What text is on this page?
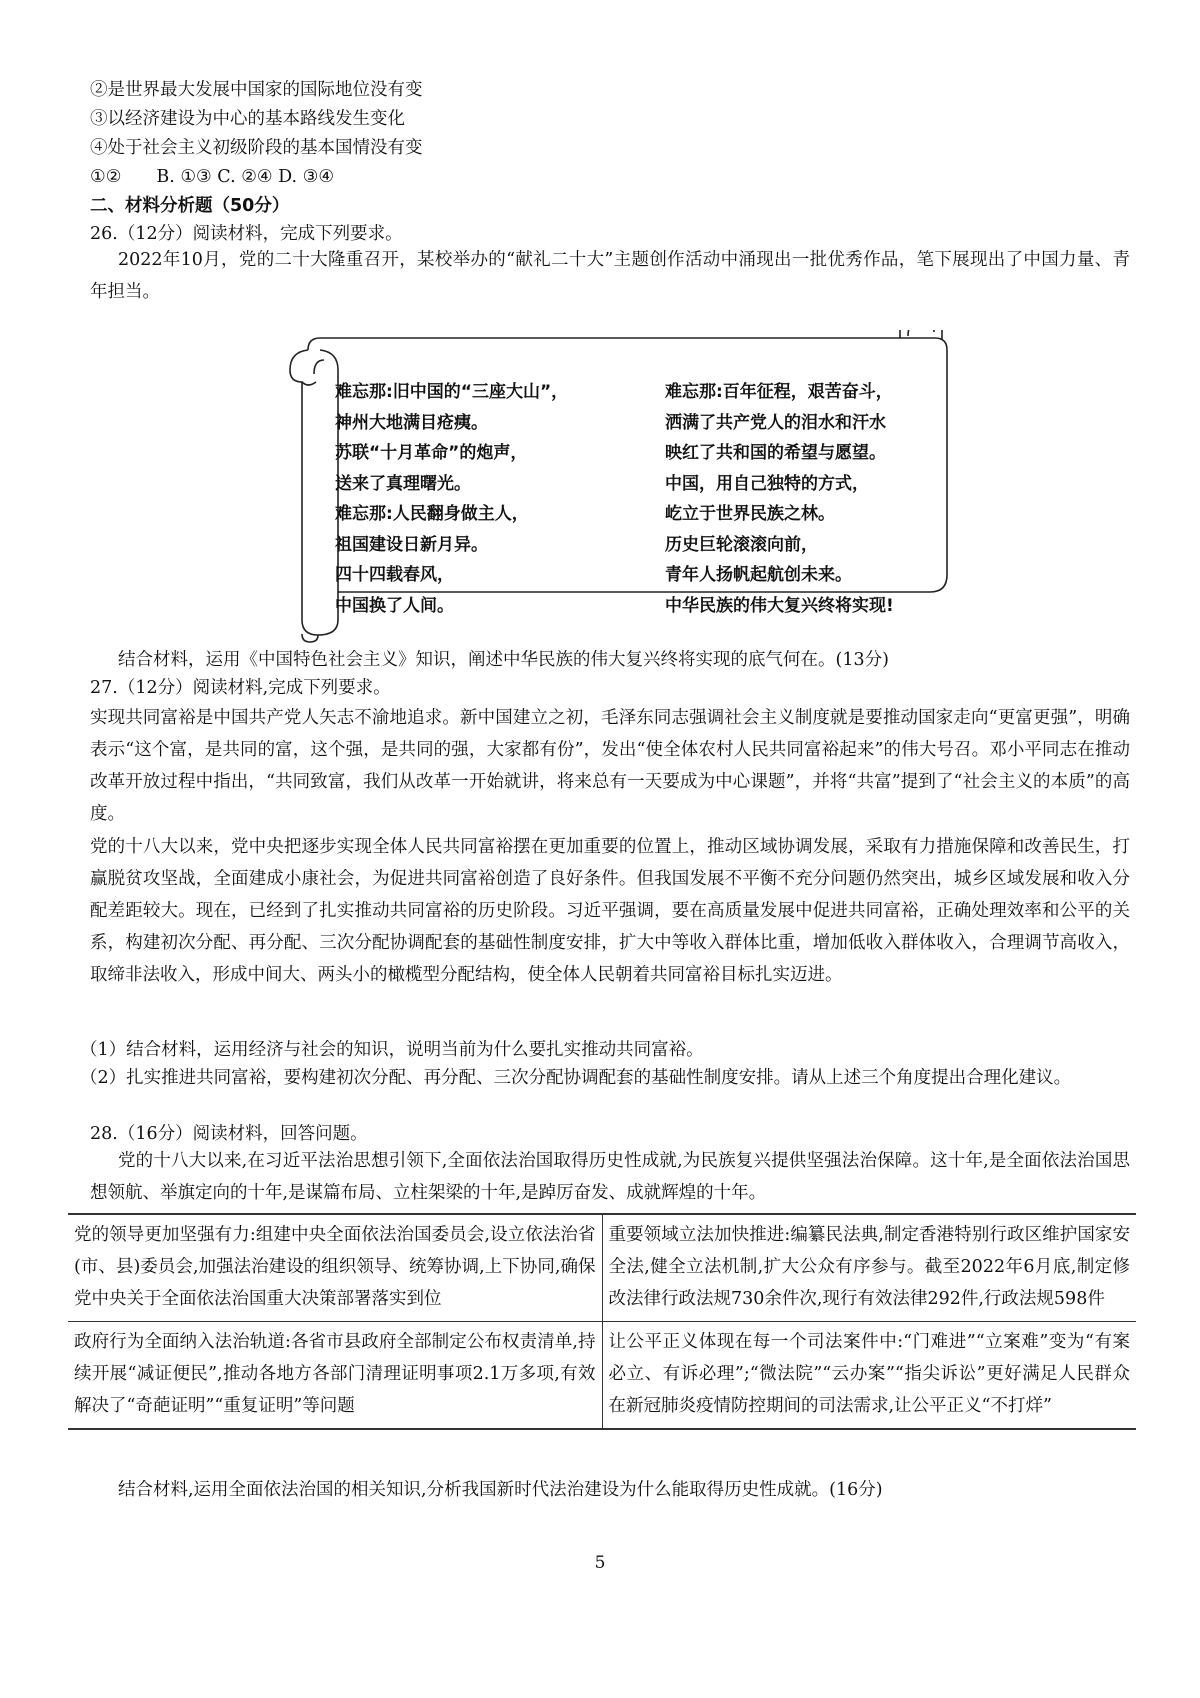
②是世界最大发展中国家的国际地位没有变
③以经济建设为中心的基本路线发生变化
④处于社会主义初级阶段的基本国情没有变
①②　　B. ①③ C. ②④ D. ③④
二、材料分析题（50分）
26.（12分）阅读材料，完成下列要求。
2022年10月，党的二十大隆重召开，某校举办的“献礼二十大”主题创作活动中涌现出一批优秀作品，笔下展现出了中国力量、青年担当。
难忘那:旧中国的“三座大山”，
神州大地满目疮痍。
苏联“十月革命”的炮声，
送来了真理曙光。
难忘那:人民翻身做主人，
祖国建设日新月异。
四十四载春风，
中国换了人间。
难忘那:百年征程，艰苦奋斗，
洒满了共产党人的泪水和汗水
映红了共和国的希望与愿望。
中国，用自己独特的方式，
屹立于世界民族之林。
历史巨轮滚滚向前，
青年人扬帆起航创未来。
中华民族的伟大复兴终将实现!
结合材料，运用《中国特色社会主义》知识，阐述中华民族的伟大复兴终将实现的底气何在。(13分)
27.（12分）阅读材料,完成下列要求。
实现共同富裕是中国共产党人矢志不渝地追求。新中国建立之初，毛泽东同志强调社会主义制度就是要推动国家走向“更富更强”，明确表示“这个富，是共同的富，这个强，是共同的强，大家都有份”，发出“使全体农村人民共同富裕起来”的伟大号召。邓小平同志在推动改革开放过程中指出，“共同致富，我们从改革一开始就讲，将来总有一天要成为中心课题”，并将“共富”提到了“社会主义的本质”的高度。
党的十八大以来，党中央把逐步实现全体人民共同富裕摆在更加重要的位置上，推动区域协调发展，采取有力措施保障和改善民生，打赢脱贫攻坚战，全面建成小康社会，为促进共同富裕创造了良好条件。但我国发展不平衡不充分问题仍然突出，城乡区域发展和收入分配差距较大。现在，已经到了扎实推动共同富裕的历史阶段。习近平强调，要在高质量发展中促进共同富裕，正确处理效率和公平的关系，构建初次分配、再分配、三次分配协调配套的基础性制度安排，扩大中等收入群体比重，增加低收入群体收入，合理调节高收入，取缔非法收入，形成中间大、两头小的橄榄型分配结构，使全体人民朝着共同富裕目标扎实迈进。
（1）结合材料，运用经济与社会的知识，说明当前为什么要扎实推动共同富裕。
（2）扎实推进共同富裕，要构建初次分配、再分配、三次分配协调配套的基础性制度安排。请从上述三个角度提出合理化建议。
28.（16分）阅读材料，回答问题。
党的十八大以来,在习近平法治思想引领下,全面依法治国取得历史性成就,为民族复兴提供坚强法治保障。这十年,是全面依法治国思想领航、举旗定向的十年,是谋篇布局、立柱架梁的十年,是踔厉奋发、成就辉煌的十年。
党的领导更加坚强有力:组建中央全面依法治国委员会,设立依法治省(市、县)委员会,加强法治建设的组织领导、统筹协调,上下协同,确保党中央关于全面依法治国重大决策部署落实到位	重要领域立法加快推进:编纂民法典,制定香港特别行政区维护国家安全法,健全立法机制,扩大公众有序参与。截至2022年6月底,制定修改法律行政法规730余件次,现行有效法律292件,行政法规598件
政府行为全面纳入法治轨道:各省市县政府全部制定公布权责清单,持续开展“减证便民”,推动各地方各部门清理证明事项2.1万多项,有效解决了“奇葩证明”“重复证明”等问题	让公平正义体现在每一个司法案件中:“门难进”“立案难”变为“有案必立、有诉必理”;“微法院”“云办案”“指尖诉讼”更好满足人民群众在新冠肺炎疫情防控期间的司法需求,让公平正义“不打烊”
结合材料,运用全面依法治国的相关知识,分析我国新时代法治建设为什么能取得历史性成就。(16分)
5
